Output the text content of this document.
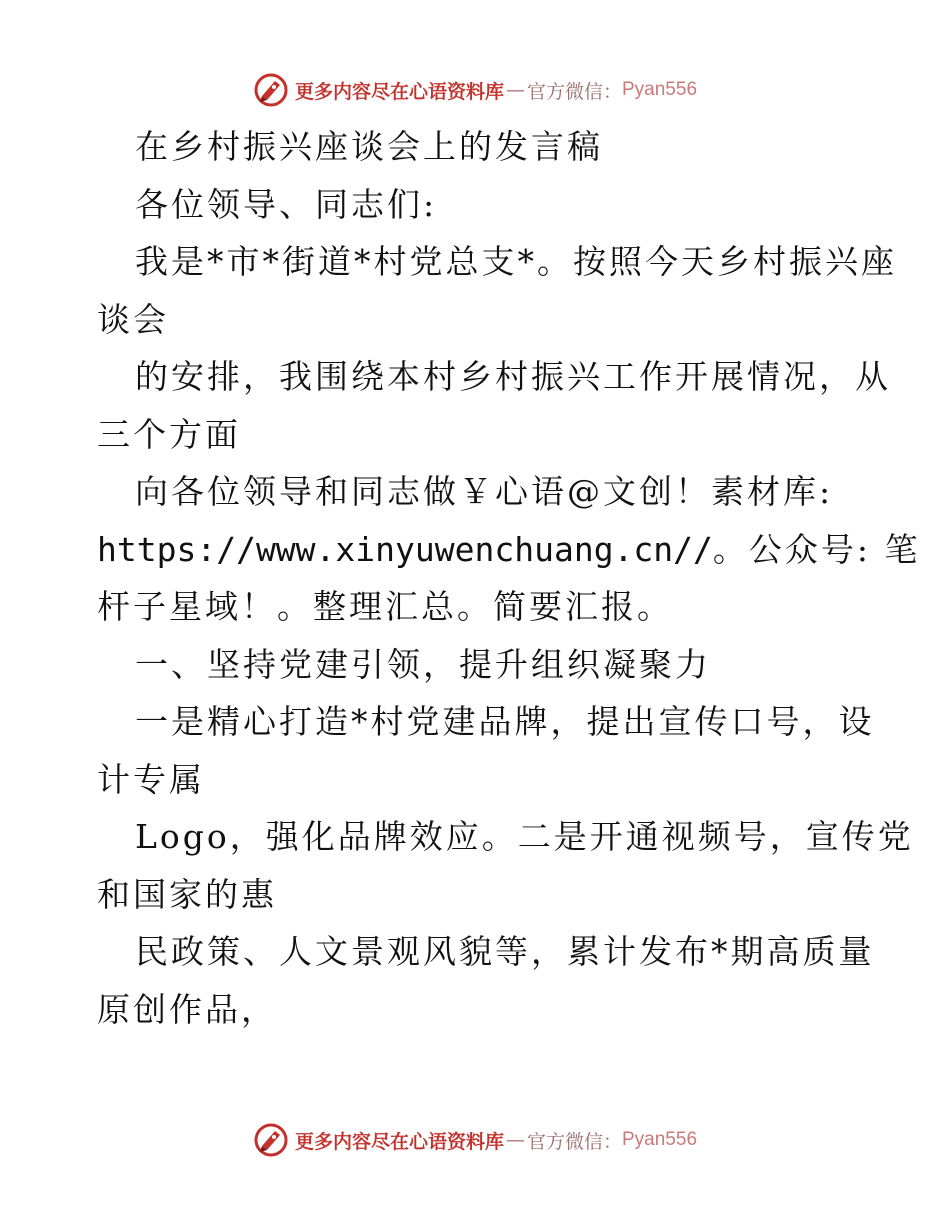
更多内容尽在心语资料库 — 官方微信： Pyan556
在乡村振兴座谈会上的发言稿
各位领导、同志们:
我是*市*街道*村党总支*。按照今天乡村振兴座
谈会
的安排，我围绕本村乡村振兴工作开展情况，从
三个方面
向各位领导和同志做￥心语@文创！素材库:
https://www.xinyuwenchuang.cn//。公众号: 笔
杆子星域！。整理汇总。简要汇报。
一、坚持党建引领，提升组织凝聚力
一是精心打造*村党建品牌，提出宣传口号，设
计专属
Logo，强化品牌效应。二是开通视频号，宣传党
和国家的惠
民政策、人文景观风貌等，累计发布*期高质量
原创作品，
更多内容尽在心语资料库 — 官方微信： Pyan556
